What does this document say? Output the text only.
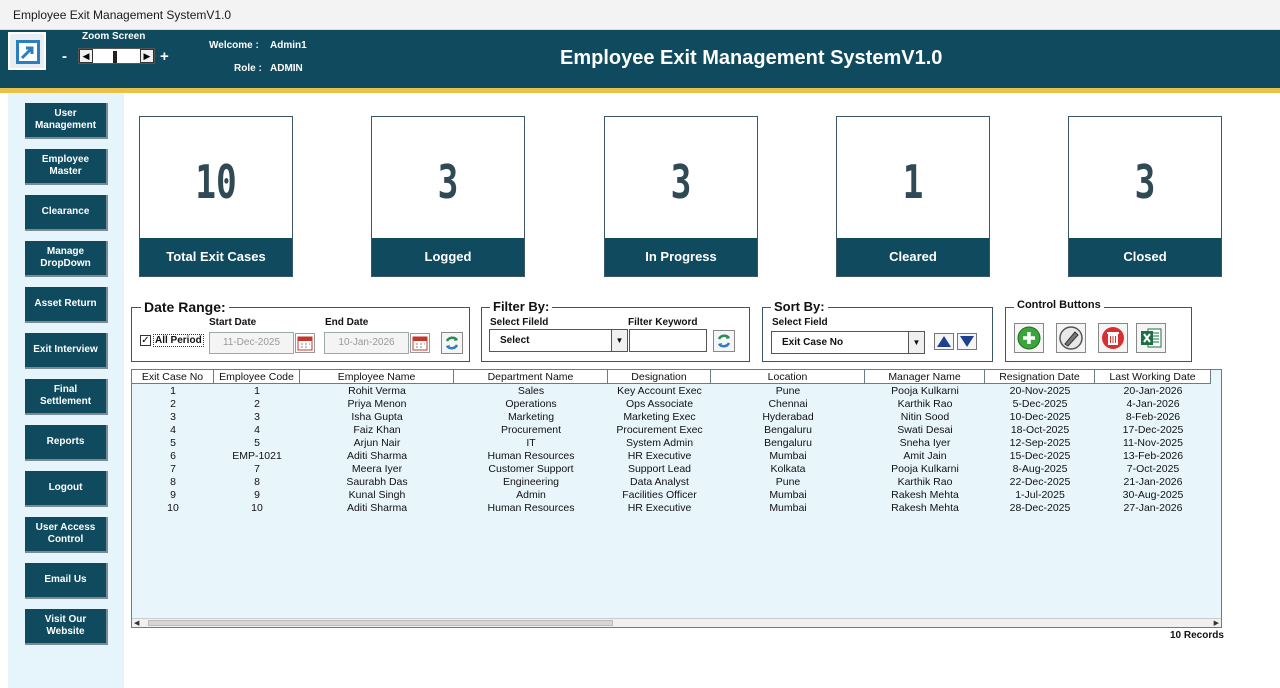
Employee Exit Management SystemV1.0
Zoom Screen
-	◀	▶ +
Welcome : Admin1
Role : ADMIN	Employee Exit Management SystemV1.0
User
Management
Employee
Master
Clearance
Manage
DropDown
Asset Return
Exit Interview
Final
Settlement
Reports
Logout
User Access
Control
Email Us
Visit Our
Website
10
Total Exit Cases
3
Logged
3
In Progress
1
Cleared
3
Closed
Date Range:
✓ All Period
Start Date
11-Dec-2025
End Date
10-Jan-2026
Filter By:
Select Fileld
Select	▼
Filter Keyword
Sort By:
Select Field
Exit Case No	▼
Control Buttons
Exit Case No	Employee Code	Employee Name	Department Name	Designation	Location	Manager Name	Resignation Date	Last Working Date
1	1	Rohit Verma	Sales	Key Account Exec	Pune	Pooja Kulkarni	20-Nov-2025	20-Jan-2026
2	2	Priya Menon	Operations	Ops Associate	Chennai	Karthik Rao	5-Dec-2025	4-Jan-2026
3	3	Isha Gupta	Marketing	Marketing Exec	Hyderabad	Nitin Sood	10-Dec-2025	8-Feb-2026
4	4	Faiz Khan	Procurement	Procurement Exec	Bengaluru	Swati Desai	18-Oct-2025	17-Dec-2025
5	5	Arjun Nair	IT	System Admin	Bengaluru	Sneha Iyer	12-Sep-2025	11-Nov-2025
6	EMP-1021	Aditi Sharma	Human Resources	HR Executive	Mumbai	Amit Jain	15-Dec-2025	13-Feb-2026
7	7	Meera Iyer	Customer Support	Support Lead	Kolkata	Pooja Kulkarni	8-Aug-2025	7-Oct-2025
8	8	Saurabh Das	Engineering	Data Analyst	Pune	Karthik Rao	22-Dec-2025	21-Jan-2026
9	9	Kunal Singh	Admin	Facilities Officer	Mumbai	Rakesh Mehta	1-Jul-2025	30-Aug-2025
10	10	Aditi Sharma	Human Resources	HR Executive	Mumbai	Rakesh Mehta	28-Dec-2025	27-Jan-2026
◀	▶
10 Records
